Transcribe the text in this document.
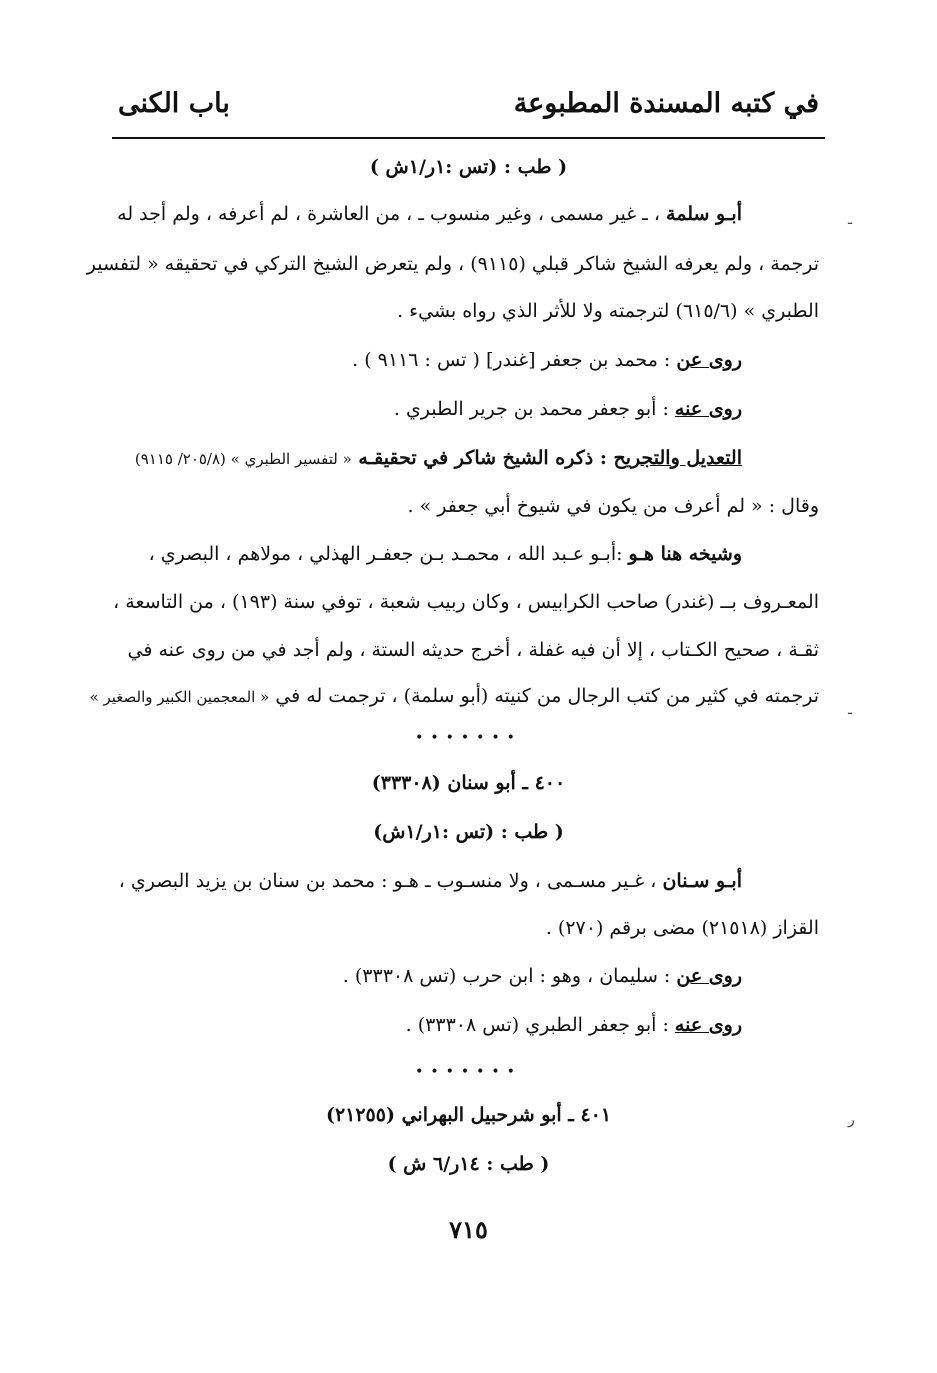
في كتبه المسندة المطبوعة
باب الكنى
( طب : (تس :١ر/١ش )
أبـو سلمة ، ـ غير مسمى ، وغير منسوب ـ ، من العاشرة ، لم أعرفه ، ولم أجد له
ترجمة ، ولم يعرفه الشيخ شاكر قبلي (٩١١٥) ، ولم يتعرض الشيخ التركي في تحقيقه « لتفسير
الطبري » (٦١٥/٦) لترجمته ولا للأثر الذي رواه بشيء .
روى عن : محمد بن جعفر [غندر] ( تس : ٩١١٦ ) .
روى عنه : أبو جعفر محمد بن جرير الطبري .
التعديل والتجريح : ذكره الشيخ شاكر في تحقيقـه « لتفسير الطبري » (٢٠٥/٨/ ٩١١٥)
وقال : « لم أعرف من يكون في شيوخ أبي جعفر » .
وشيخه هنا هـو :أبـو عـبد الله ، محمـد بـن جعفـر الهذلي ، مولاهم ، البصري ،
المعـروف بــ (غندر) صاحب الكرابيس ، وكان ربيب شعبة ، توفي سنة (١٩٣) ، من التاسعة ،
ثقـة ، صحيح الكـتاب ، إلا أن فيه غفلة ، أخرج حديثه الستة ، ولم أجد في من روى عنه في
ترجمته في كثير من كتب الرجال من كنيته (أبو سلمة) ، ترجمت له في « المعجمين الكبير والصغير »
•••••••
٤٠٠ ـ أبو سنان (٣٣٣٠٨)
( طب : (تس :١ر/١ش)
أبـو سـنان ، غـير مسـمى ، ولا منسـوب ـ هـو : محمد بن سنان بن يزيد البصري ،
القزاز (٢١٥١٨) مضى برقم (٢٧٠) .
روى عن : سليمان ، وهو : ابن حرب (تس ٣٣٣٠٨) .
روى عنه : أبو جعفر الطبري (تس ٣٣٣٠٨) .
•••••••
٤٠١ ـ أبو شرحبيل البهراني (٢١٢٥٥)
( طب : ١٤ر/٦ ش )
٧١٥
ـ
ـ
ر
